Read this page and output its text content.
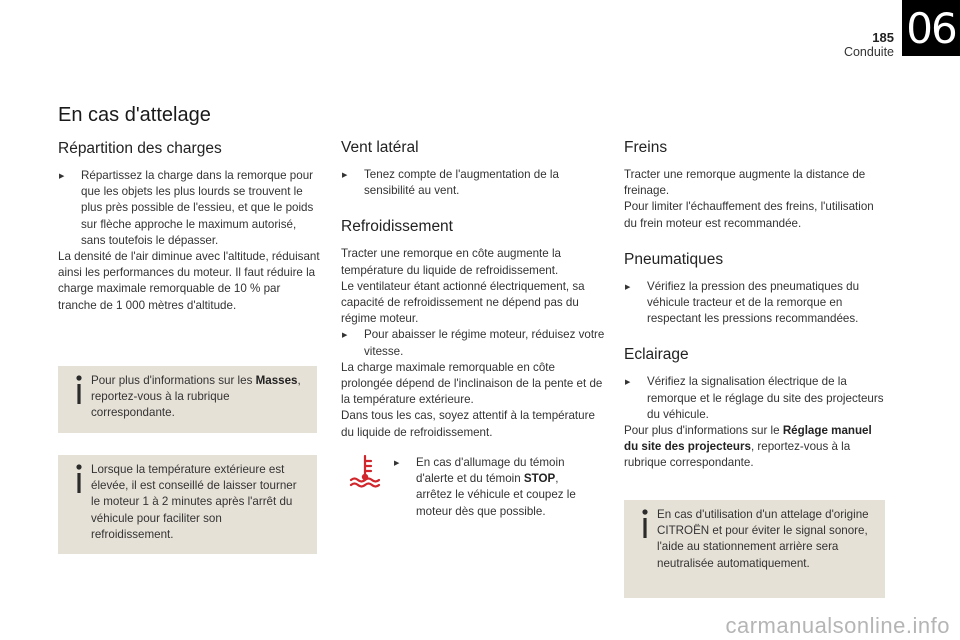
185
Conduite 06
En cas d'attelage
Répartition des charges

▶ Répartissez la charge dans la remorque pour que les objets les plus lourds se trouvent le plus près possible de l'essieu, et que le poids sur flèche approche le maximum autorisé, sans toutefois le dépasser.

La densité de l'air diminue avec l'altitude, réduisant ainsi les performances du moteur. Il faut réduire la charge maximale remorquable de 10 % par tranche de 1 000 mètres d'altitude.

Pour plus d'informations sur les Masses, reportez-vous à la rubrique correspondante.
Lorsque la température extérieure est élevée, il est conseillé de laisser tourner le moteur 1 à 2 minutes après l'arrêt du véhicule pour faciliter son refroidissement.
Vent latéral

▶ Tenez compte de l'augmentation de la sensibilité au vent.

Refroidissement

Tracter une remorque en côte augmente la température du liquide de refroidissement.

Le ventilateur étant actionné électriquement, sa capacité de refroidissement ne dépend pas du régime moteur.

▶ Pour abaisser le régime moteur, réduisez votre vitesse.

La charge maximale remorquable en côte prolongée dépend de l'inclinaison de la pente et de la température extérieure.

Dans tous les cas, soyez attentif à la température du liquide de refroidissement.

▶ En cas d'allumage du témoin d'alerte et du témoin STOP, arrêtez le véhicule et coupez le moteur dès que possible.

Freins

Tracter une remorque augmente la distance de freinage.

Pour limiter l'échauffement des freins, l'utilisation du frein moteur est recommandée.

Pneumatiques

▶ Vérifiez la pression des pneumatiques du véhicule tracteur et de la remorque en respectant les pressions recommandées.

Eclairage

▶ Vérifiez la signalisation électrique de la remorque et le réglage du site des projecteurs du véhicule.

Pour plus d'informations sur le Réglage manuel du site des projecteurs, reportez-vous à la rubrique correspondante.

En cas d'utilisation d'un attelage d'origine CITROËN et pour éviter le signal sonore, l'aide au stationnement arrière sera neutralisée automatiquement.
carmanualsonline.info
